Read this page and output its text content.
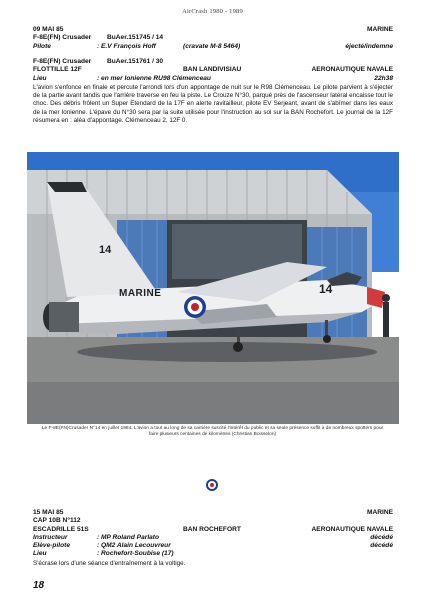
AirCrash 1980 - 1989
09 MAI 85	MARINE
F-8E(FN) Crusader BuAer.151745 / 14
Pilote	: E.V François Hoff	(cravate M-8 5464)	éjecté/indemne
F-8E(FN) Crusader BuAer.151761 / 30
FLOTTILLE 12F	BAN LANDIVISIAU	AERONAUTIQUE NAVALE
Lieu	: en mer Ionienne RU98 Clémenceau	22h38

L'avion s'enfonce en finale et percute l'arrondi lors d'un appontage de nuit sur le R98 Clémenceau. Le pilote parvient à s'éjecter de la partie avant tandis que l'arrière traverse en feu la piste. Le Crouze N°30, parqué près de l'ascenseur latéral encaisse tout le choc. Des débris frôlent un Super Etendard de la 17F en alerte ravitailleur, pilote EV Serjeant, avant de s'abîmer dans les eaux de la mer Ionienne. L'épave du N°30 sera par la suite utilisée pour l'instruction au sol sur la BAN Rochefort. Le journal de la 12F résumera en : aléa d'appontage. Clémenceau 2, 12F 0.

14
MARINE	14
Le F-8E(FN)Crusader N°14 en juillet 1984. L'avion a tout au long de sa carrière suscité l'intérêt du public et sa seule présence suffit à de nombreux spotters pour faire plusieurs centaines de kilomètres (Christian Boisselon)
15 MAI 85	MARINE
CAP 10B N°112
ESCADRILLE 51S	BAN ROCHEFORT	AERONAUTIQUE NAVALE
Instructeur	: MP Roland Parlato	décédé
Elève-pilote	: QM2 Alain Lecouvreur	décédé
Lieu	: Rochefort-Soubise (17)

S'écrase lors d'une séance d'entraînement à la voltige.

18
